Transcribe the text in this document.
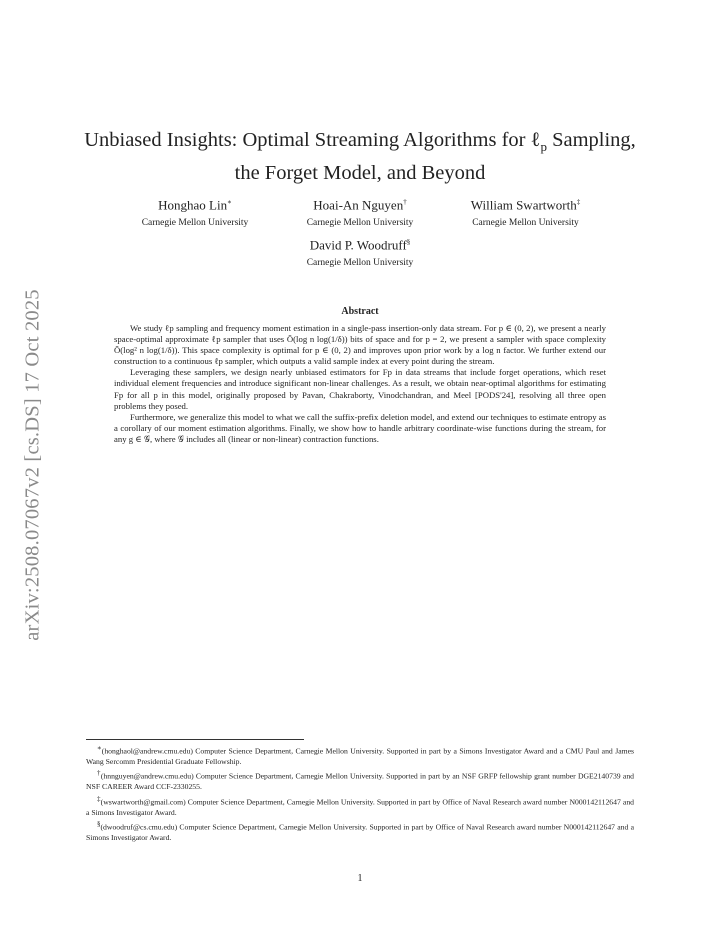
arXiv:2508.07067v2 [cs.DS] 17 Oct 2025
Unbiased Insights: Optimal Streaming Algorithms for ℓ$_p$ Sampling,
the Forget Model, and Beyond
Honghao Lin∗
Carnegie Mellon University
Hoai-An Nguyen†
Carnegie Mellon University
William Swartworth‡
Carnegie Mellon University
David P. Woodruff§
Carnegie Mellon University
Abstract

We study ℓp sampling and frequency moment estimation in a single-pass insertion-only data stream. For p ∈ (0, 2), we present a nearly space-optimal approximate ℓp sampler that uses Õ(log n log(1/δ)) bits of space and for p = 2, we present a sampler with space complexity Õ(log² n log(1/δ)). This space complexity is optimal for p ∈ (0, 2) and improves upon prior work by a log n factor. We further extend our construction to a continuous ℓp sampler, which outputs a valid sample index at every point during the stream.

Leveraging these samplers, we design nearly unbiased estimators for Fp in data streams that include forget operations, which reset individual element frequencies and introduce significant non-linear challenges. As a result, we obtain near-optimal algorithms for estimating Fp for all p in this model, originally proposed by Pavan, Chakraborty, Vinodchandran, and Meel [PODS'24], resolving all three open problems they posed.

Furthermore, we generalize this model to what we call the suffix-prefix deletion model, and extend our techniques to estimate entropy as a corollary of our moment estimation algorithms. Finally, we show how to handle arbitrary coordinate-wise functions during the stream, for any g ∈ 𝒢, where 𝒢 includes all (linear or non-linear) contraction functions.

∗(honghaol@andrew.cmu.edu) Computer Science Department, Carnegie Mellon University. Supported in part by a Simons Investigator Award and a CMU Paul and James Wang Sercomm Presidential Graduate Fellowship.

†(hnnguyen@andrew.cmu.edu) Computer Science Department, Carnegie Mellon University. Supported in part by an NSF GRFP fellowship grant number DGE2140739 and NSF CAREER Award CCF-2330255.

‡(wswartworth@gmail.com) Computer Science Department, Carnegie Mellon University. Supported in part by Office of Naval Research award number N000142112647 and a Simons Investigator Award.

§(dwoodruf@cs.cmu.edu) Computer Science Department, Carnegie Mellon University. Supported in part by Office of Naval Research award number N000142112647 and a Simons Investigator Award.

1
